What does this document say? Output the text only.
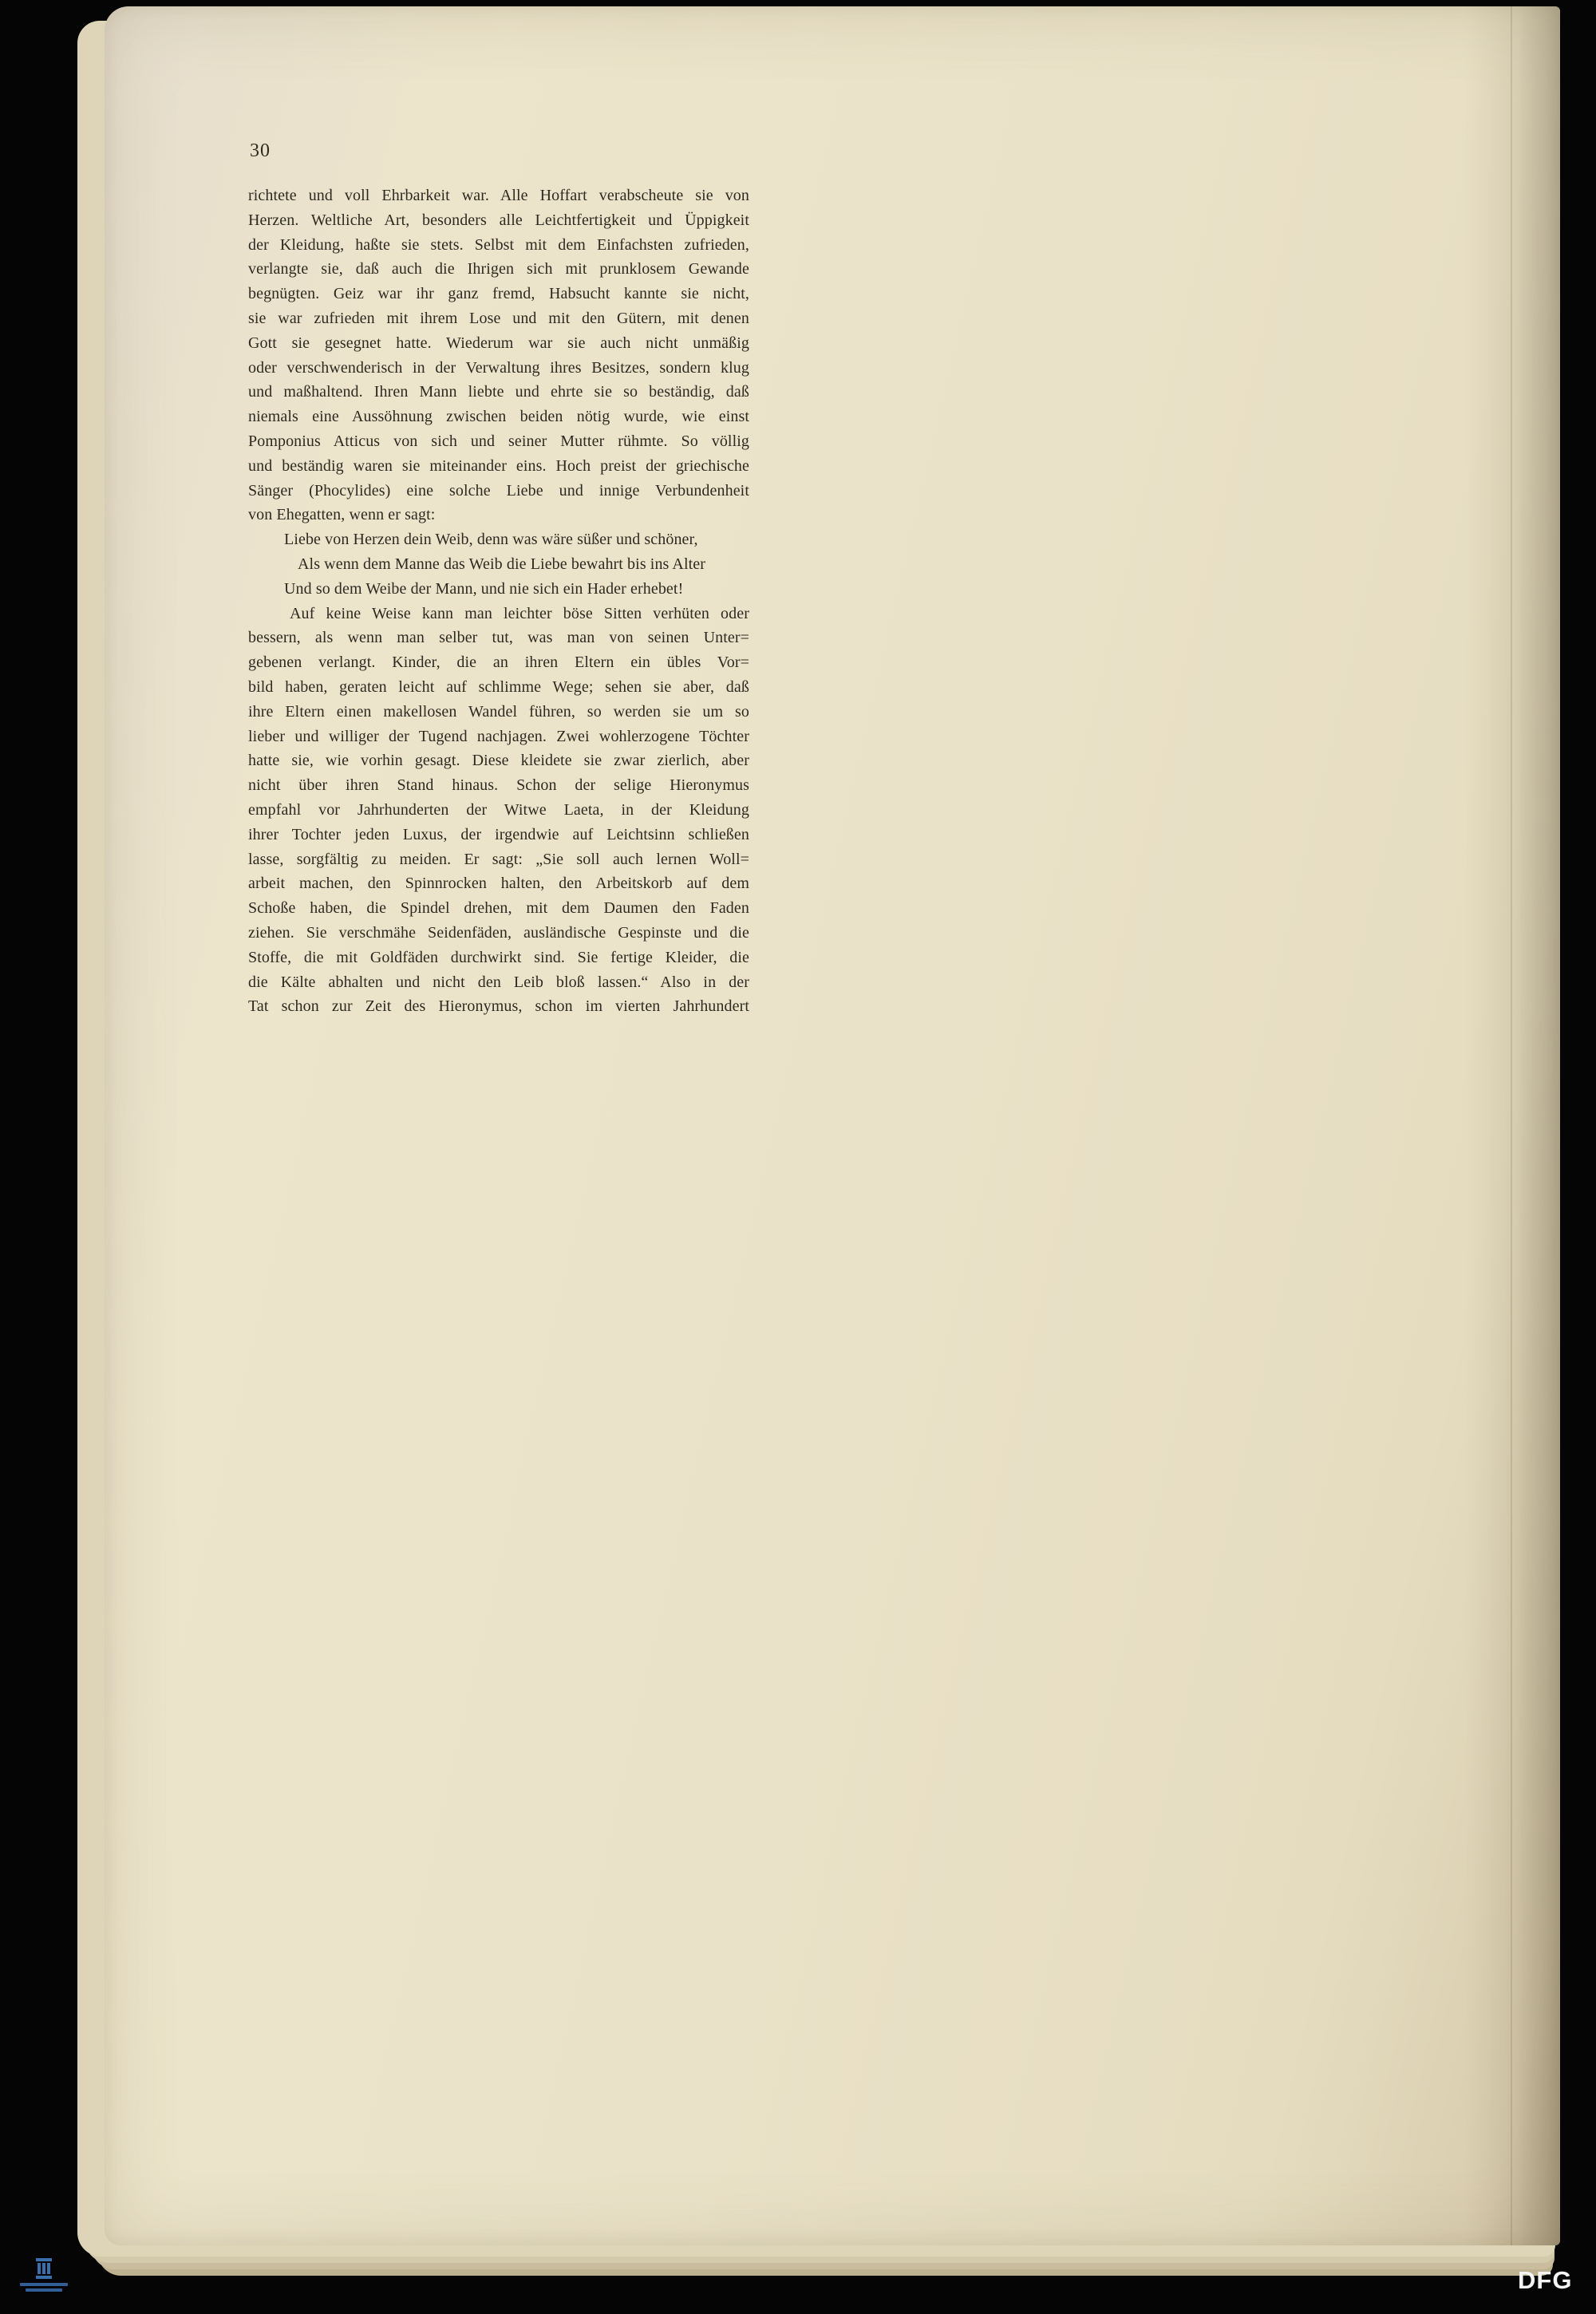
30
richtete und voll Ehrbarkeit war. Alle Hoffart verabscheute sie von
Herzen. Weltliche Art, besonders alle Leichtfertigkeit und Üppigkeit
der Kleidung, haßte sie stets. Selbst mit dem Einfachsten zufrieden,
verlangte sie, daß auch die Ihrigen sich mit prunklosem Gewande
begnügten. Geiz war ihr ganz fremd, Habsucht kannte sie nicht,
sie war zufrieden mit ihrem Lose und mit den Gütern, mit denen
Gott sie gesegnet hatte. Wiederum war sie auch nicht unmäßig
oder verschwenderisch in der Verwaltung ihres Besitzes, sondern klug
und maßhaltend. Ihren Mann liebte und ehrte sie so beständig, daß
niemals eine Aussöhnung zwischen beiden nötig wurde, wie einst
Pomponius Atticus von sich und seiner Mutter rühmte. So völlig
und beständig waren sie miteinander eins. Hoch preist der griechische
Sänger (Phocylides) eine solche Liebe und innige Verbundenheit
von Ehegatten, wenn er sagt:
Liebe von Herzen dein Weib, denn was wäre süßer und schöner,
Als wenn dem Manne das Weib die Liebe bewahrt bis ins Alter
Und so dem Weibe der Mann, und nie sich ein Hader erhebet!
Auf keine Weise kann man leichter böse Sitten verhüten oder
bessern, als wenn man selber tut, was man von seinen Unter=
gebenen verlangt. Kinder, die an ihren Eltern ein übles Vor=
bild haben, geraten leicht auf schlimme Wege; sehen sie aber, daß
ihre Eltern einen makellosen Wandel führen, so werden sie um so
lieber und williger der Tugend nachjagen. Zwei wohlerzogene Töchter
hatte sie, wie vorhin gesagt. Diese kleidete sie zwar zierlich, aber
nicht über ihren Stand hinaus. Schon der selige Hieronymus
empfahl vor Jahrhunderten der Witwe Laeta, in der Kleidung
ihrer Tochter jeden Luxus, der irgendwie auf Leichtsinn schließen
lasse, sorgfältig zu meiden. Er sagt: „Sie soll auch lernen Woll=
arbeit machen, den Spinnrocken halten, den Arbeitskorb auf dem
Schoße haben, die Spindel drehen, mit dem Daumen den Faden
ziehen. Sie verschmähe Seidenfäden, ausländische Gespinste und die
Stoffe, die mit Goldfäden durchwirkt sind. Sie fertige Kleider, die
die Kälte abhalten und nicht den Leib bloß lassen.“ Also in der
Tat schon zur Zeit des Hieronymus, schon im vierten Jahrhundert
DFG
